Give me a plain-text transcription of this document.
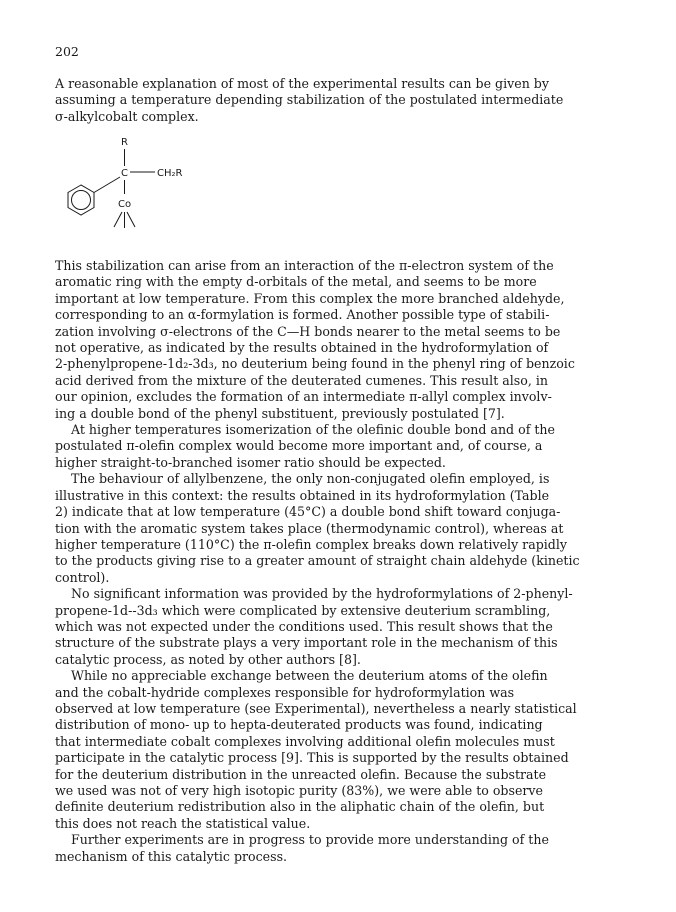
202
A reasonable explanation of most of the experimental results can be given by
assuming a temperature depending stabilization of the postulated intermediate
σ-alkylcobalt complex.
R
C	CH₂R
Co
This stabilization can arise from an interaction of the π-electron system of the
aromatic ring with the empty d-orbitals of the metal, and seems to be more
important at low temperature. From this complex the more branched aldehyde,
corresponding to an α-formylation is formed. Another possible type of stabili-
zation involving σ-electrons of the C—H bonds nearer to the metal seems to be
not operative, as indicated by the results obtained in the hydroformylation of
2-phenylpropene-1d₂-3d₃, no deuterium being found in the phenyl ring of benzoic
acid derived from the mixture of the deuterated cumenes. This result also, in
our opinion, excludes the formation of an intermediate π-allyl complex involv-
ing a double bond of the phenyl substituent, previously postulated [7].
At higher temperatures isomerization of the olefinic double bond and of the
postulated π-olefin complex would become more important and, of course, a
higher straight-to-branched isomer ratio should be expected.
The behaviour of allylbenzene, the only non-conjugated olefin employed, is
illustrative in this context: the results obtained in its hydroformylation (Table
2) indicate that at low temperature (45°C) a double bond shift toward conjuga-
tion with the aromatic system takes place (thermodynamic control), whereas at
higher temperature (110°C) the π-olefin complex breaks down relatively rapidly
to the products giving rise to a greater amount of straight chain aldehyde (kinetic
control).
No significant information was provided by the hydroformylations of 2-phenyl-
propene-1d--3d₃ which were complicated by extensive deuterium scrambling,
which was not expected under the conditions used. This result shows that the
structure of the substrate plays a very important role in the mechanism of this
catalytic process, as noted by other authors [8].
While no appreciable exchange between the deuterium atoms of the olefin
and the cobalt-hydride complexes responsible for hydroformylation was
observed at low temperature (see Experimental), nevertheless a nearly statistical
distribution of mono- up to hepta-deuterated products was found, indicating
that intermediate cobalt complexes involving additional olefin molecules must
participate in the catalytic process [9]. This is supported by the results obtained
for the deuterium distribution in the unreacted olefin. Because the substrate
we used was not of very high isotopic purity (83%), we were able to observe
definite deuterium redistribution also in the aliphatic chain of the olefin, but
this does not reach the statistical value.
Further experiments are in progress to provide more understanding of the
mechanism of this catalytic process.
